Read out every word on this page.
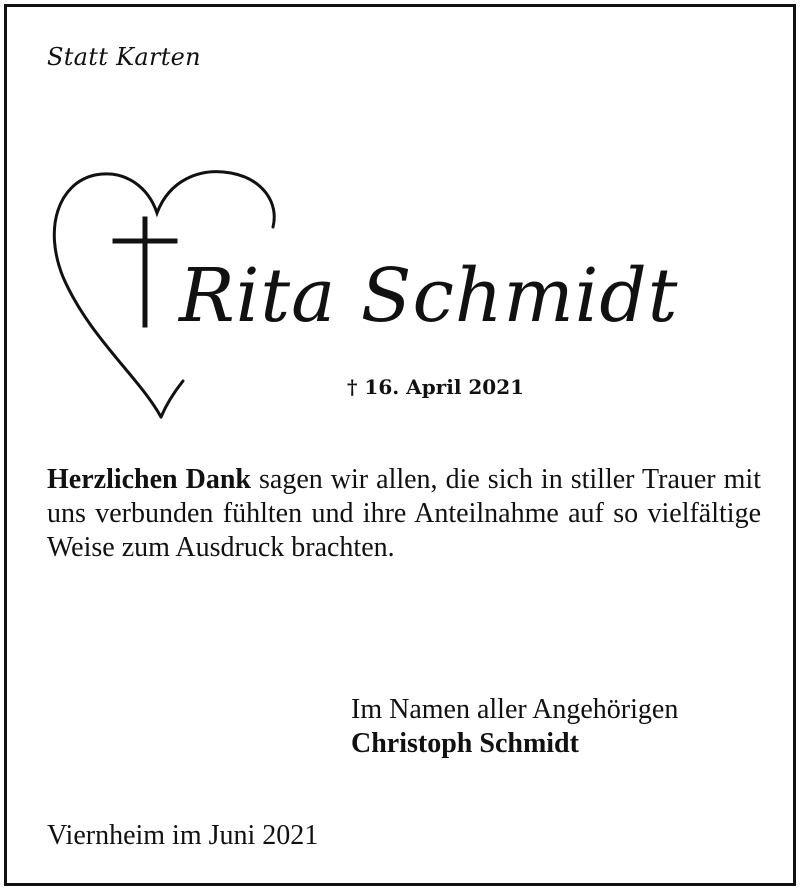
Statt Karten

Rita Schmidt

† 16. April 2021

Herzlichen Dank sagen wir allen, die sich in stiller Trauer mit uns verbunden fühlten und ihre Anteilnahme auf so vielfältige Weise zum Ausdruck brachten.

Im Namen aller Angehörigen
Christoph Schmidt

Viernheim im Juni 2021
